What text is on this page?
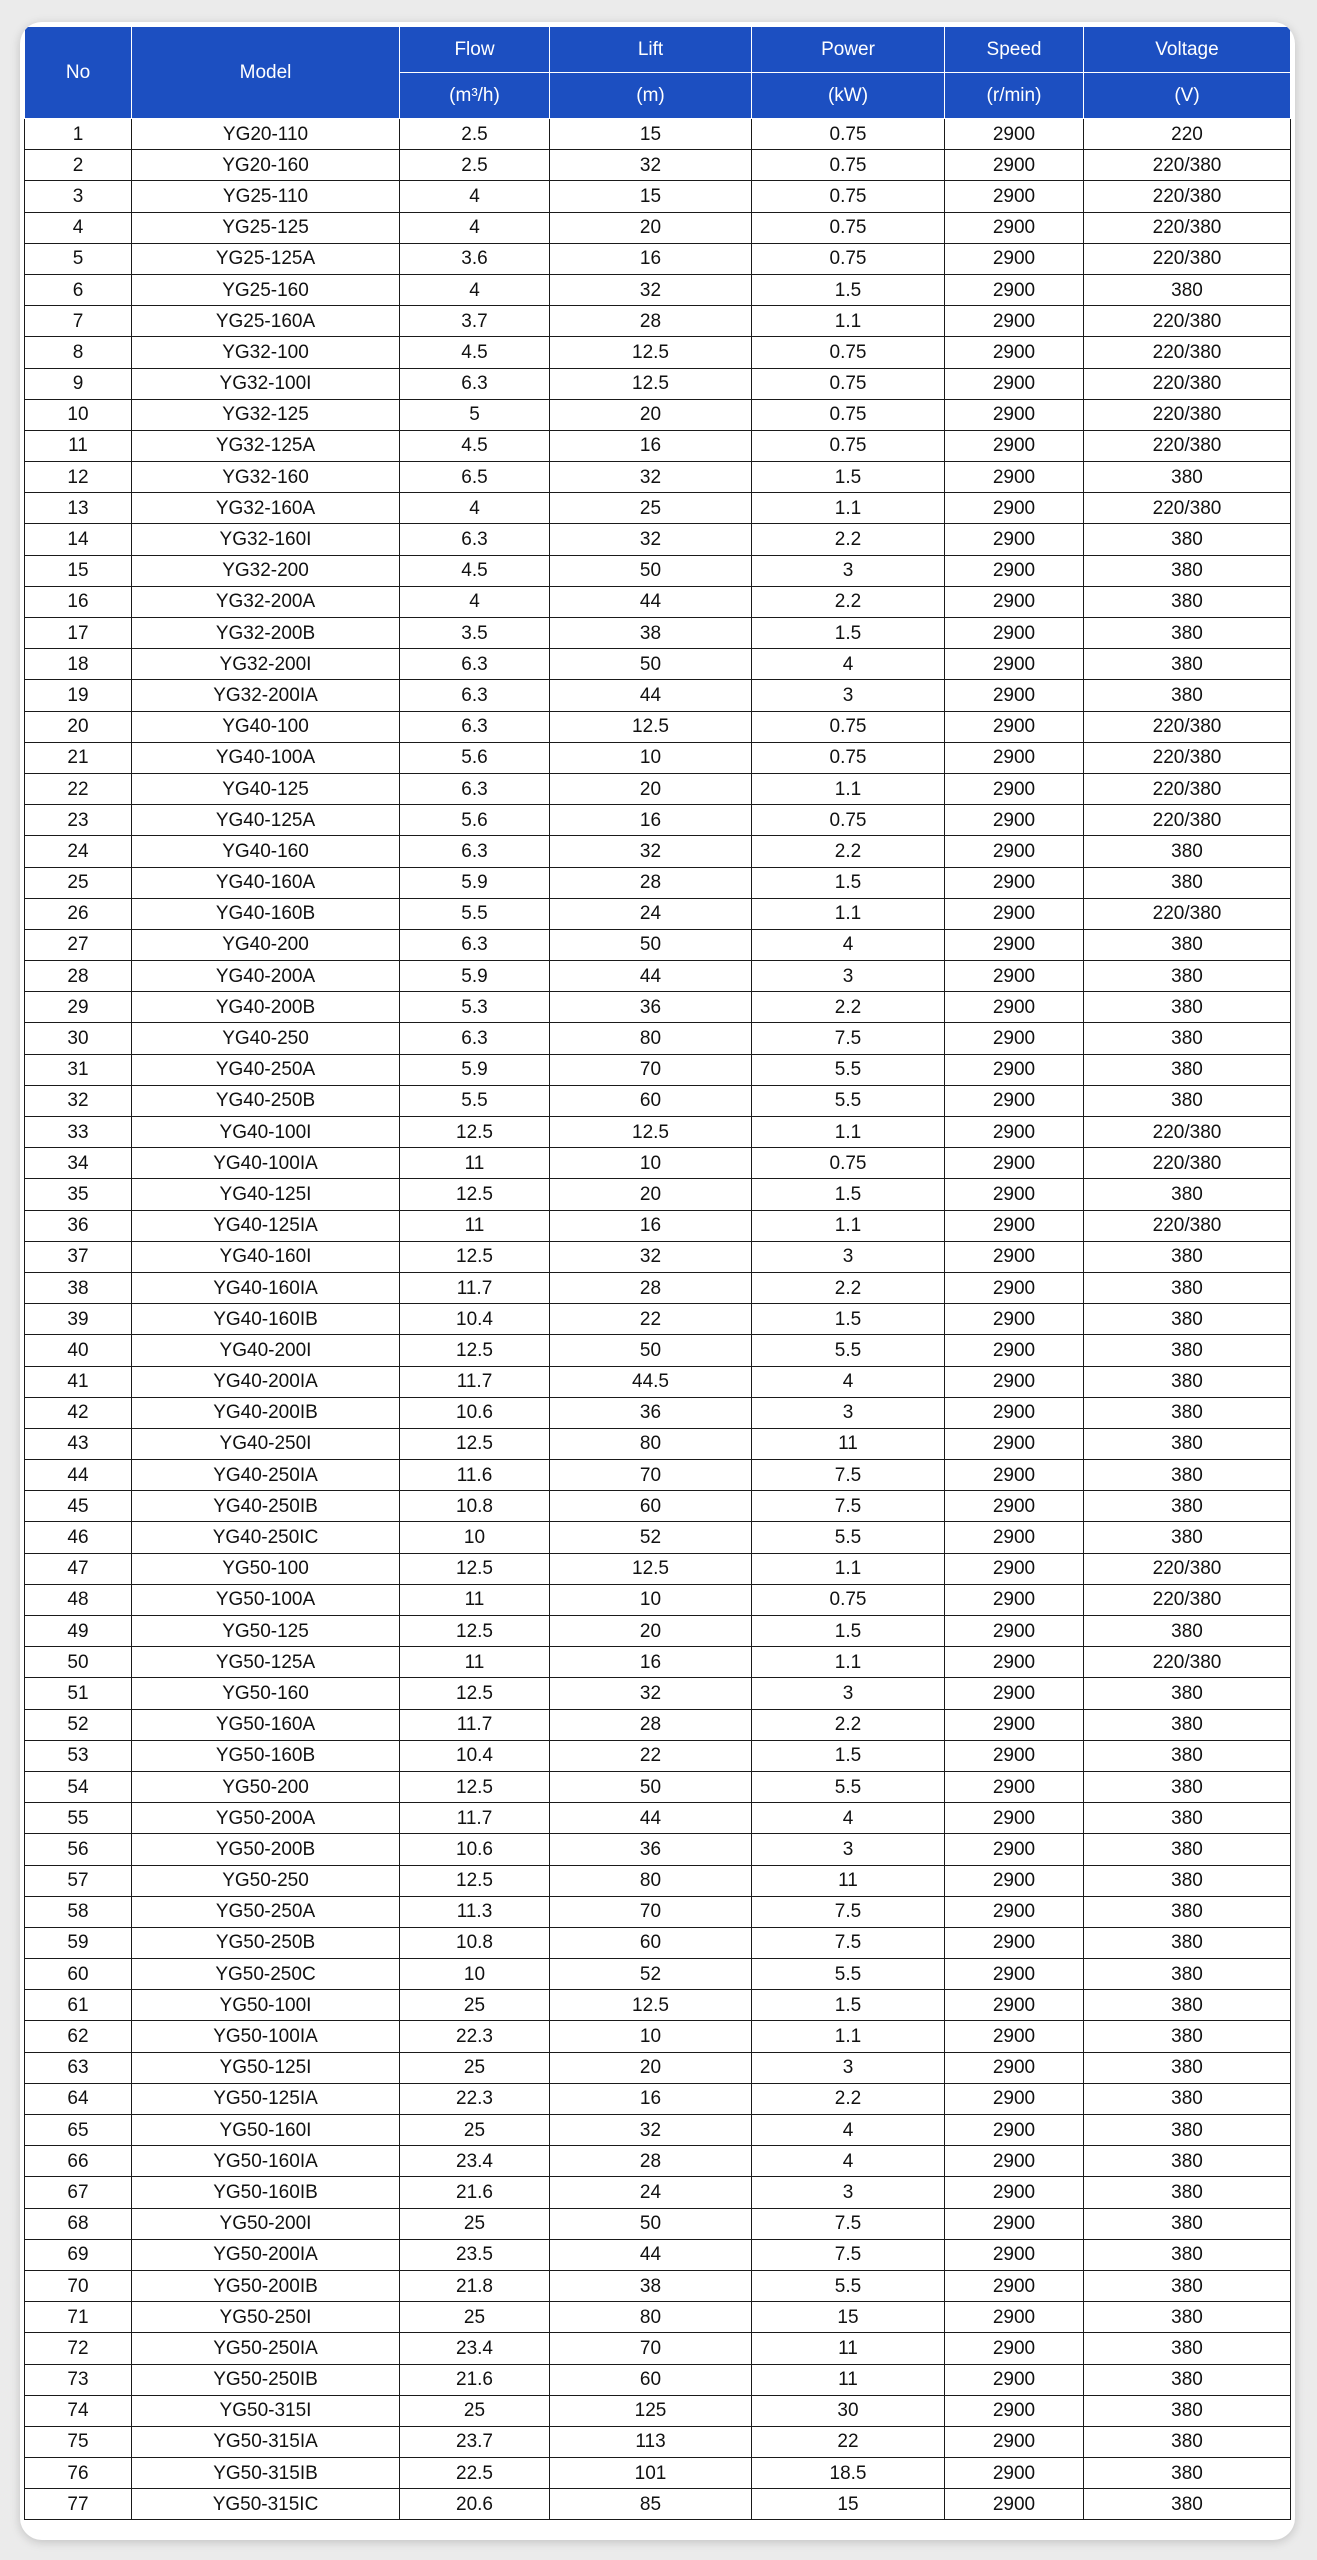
No	Model	Flow	Lift	Power	Speed	Voltage
		(m³/h)	(m)	(kW)	(r/min)	(V)
1	YG20-110	2.5	15	0.75	2900	220
2	YG20-160	2.5	32	0.75	2900	220/380
3	YG25-110	4	15	0.75	2900	220/380
4	YG25-125	4	20	0.75	2900	220/380
5	YG25-125A	3.6	16	0.75	2900	220/380
6	YG25-160	4	32	1.5	2900	380
7	YG25-160A	3.7	28	1.1	2900	220/380
8	YG32-100	4.5	12.5	0.75	2900	220/380
9	YG32-100I	6.3	12.5	0.75	2900	220/380
10	YG32-125	5	20	0.75	2900	220/380
11	YG32-125A	4.5	16	0.75	2900	220/380
12	YG32-160	6.5	32	1.5	2900	380
13	YG32-160A	4	25	1.1	2900	220/380
14	YG32-160I	6.3	32	2.2	2900	380
15	YG32-200	4.5	50	3	2900	380
16	YG32-200A	4	44	2.2	2900	380
17	YG32-200B	3.5	38	1.5	2900	380
18	YG32-200I	6.3	50	4	2900	380
19	YG32-200IA	6.3	44	3	2900	380
20	YG40-100	6.3	12.5	0.75	2900	220/380
21	YG40-100A	5.6	10	0.75	2900	220/380
22	YG40-125	6.3	20	1.1	2900	220/380
23	YG40-125A	5.6	16	0.75	2900	220/380
24	YG40-160	6.3	32	2.2	2900	380
25	YG40-160A	5.9	28	1.5	2900	380
26	YG40-160B	5.5	24	1.1	2900	220/380
27	YG40-200	6.3	50	4	2900	380
28	YG40-200A	5.9	44	3	2900	380
29	YG40-200B	5.3	36	2.2	2900	380
30	YG40-250	6.3	80	7.5	2900	380
31	YG40-250A	5.9	70	5.5	2900	380
32	YG40-250B	5.5	60	5.5	2900	380
33	YG40-100I	12.5	12.5	1.1	2900	220/380
34	YG40-100IA	11	10	0.75	2900	220/380
35	YG40-125I	12.5	20	1.5	2900	380
36	YG40-125IA	11	16	1.1	2900	220/380
37	YG40-160I	12.5	32	3	2900	380
38	YG40-160IA	11.7	28	2.2	2900	380
39	YG40-160IB	10.4	22	1.5	2900	380
40	YG40-200I	12.5	50	5.5	2900	380
41	YG40-200IA	11.7	44.5	4	2900	380
42	YG40-200IB	10.6	36	3	2900	380
43	YG40-250I	12.5	80	11	2900	380
44	YG40-250IA	11.6	70	7.5	2900	380
45	YG40-250IB	10.8	60	7.5	2900	380
46	YG40-250IC	10	52	5.5	2900	380
47	YG50-100	12.5	12.5	1.1	2900	220/380
48	YG50-100A	11	10	0.75	2900	220/380
49	YG50-125	12.5	20	1.5	2900	380
50	YG50-125A	11	16	1.1	2900	220/380
51	YG50-160	12.5	32	3	2900	380
52	YG50-160A	11.7	28	2.2	2900	380
53	YG50-160B	10.4	22	1.5	2900	380
54	YG50-200	12.5	50	5.5	2900	380
55	YG50-200A	11.7	44	4	2900	380
56	YG50-200B	10.6	36	3	2900	380
57	YG50-250	12.5	80	11	2900	380
58	YG50-250A	11.3	70	7.5	2900	380
59	YG50-250B	10.8	60	7.5	2900	380
60	YG50-250C	10	52	5.5	2900	380
61	YG50-100I	25	12.5	1.5	2900	380
62	YG50-100IA	22.3	10	1.1	2900	380
63	YG50-125I	25	20	3	2900	380
64	YG50-125IA	22.3	16	2.2	2900	380
65	YG50-160I	25	32	4	2900	380
66	YG50-160IA	23.4	28	4	2900	380
67	YG50-160IB	21.6	24	3	2900	380
68	YG50-200I	25	50	7.5	2900	380
69	YG50-200IA	23.5	44	7.5	2900	380
70	YG50-200IB	21.8	38	5.5	2900	380
71	YG50-250I	25	80	15	2900	380
72	YG50-250IA	23.4	70	11	2900	380
73	YG50-250IB	21.6	60	11	2900	380
74	YG50-315I	25	125	30	2900	380
75	YG50-315IA	23.7	113	22	2900	380
76	YG50-315IB	22.5	101	18.5	2900	380
77	YG50-315IC	20.6	85	15	2900	380
